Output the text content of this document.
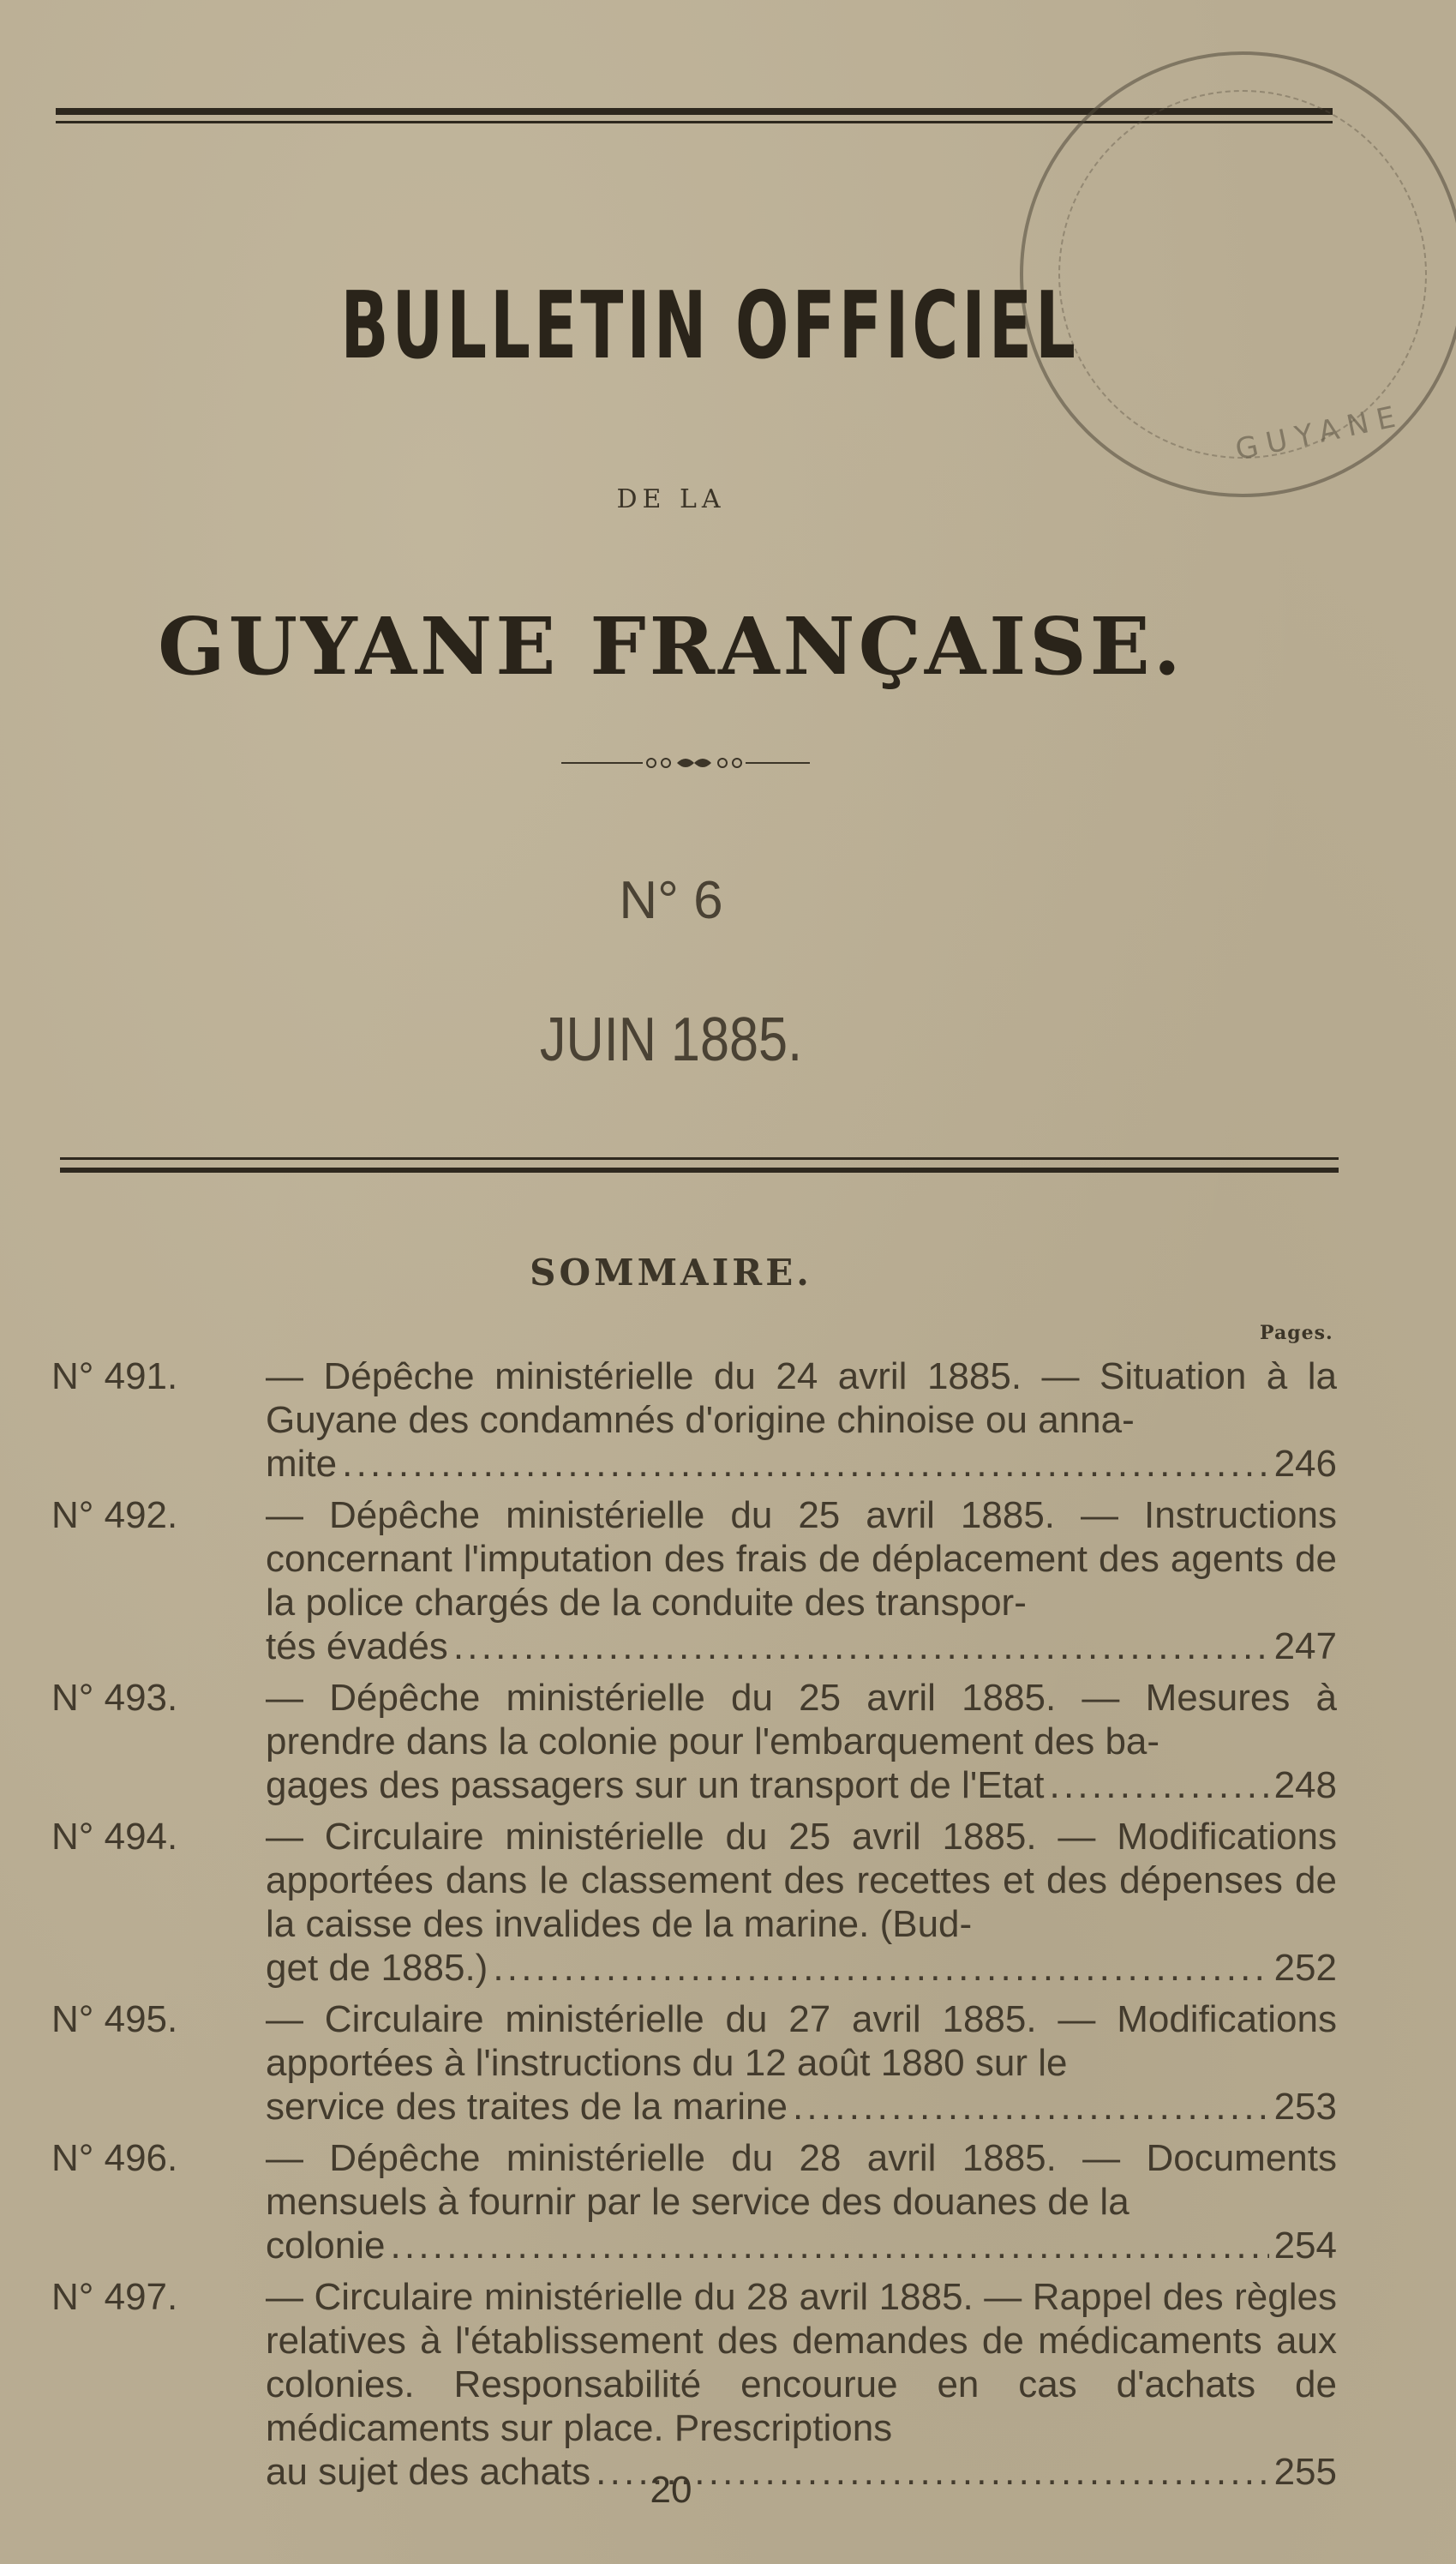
GUYANE
BULLETIN OFFICIEL
DE LA
GUYANE FRANÇAISE.
N° 6
JUIN 1885.
SOMMAIRE.
Pages.
N° 491.	— Dépêche ministérielle du 24 avril 1885. — Situation à la Guyane des condamnés d'origine chinoise ou anna-
mite . . .	246
N° 492.	— Dépêche ministérielle du 25 avril 1885. — Instructions concernant l'imputation des frais de déplacement des agents de la police chargés de la conduite des transpor-
tés évadés . . .	247
N° 493.	— Dépêche ministérielle du 25 avril 1885. — Mesures à prendre dans la colonie pour l'embarquement des ba-
gages des passagers sur un transport de l'Etat . . .	248
N° 494.	— Circulaire ministérielle du 25 avril 1885. — Modifications apportées dans le classement des recettes et des dépenses de la caisse des invalides de la marine. (Bud-
get de 1885.) . . .	252
N° 495.	— Circulaire ministérielle du 27 avril 1885. — Modifications apportées à l'instructions du 12 août 1880 sur le
service des traites de la marine . . .	253
N° 496.	— Dépêche ministérielle du 28 avril 1885. — Documents mensuels à fournir par le service des douanes de la
colonie . . .	254
N° 497.	— Circulaire ministérielle du 28 avril 1885. — Rappel des règles relatives à l'établissement des demandes de médicaments aux colonies. Responsabilité encourue en cas d'achats de médicaments sur place. Prescriptions
au sujet des achats . . .	255
20
